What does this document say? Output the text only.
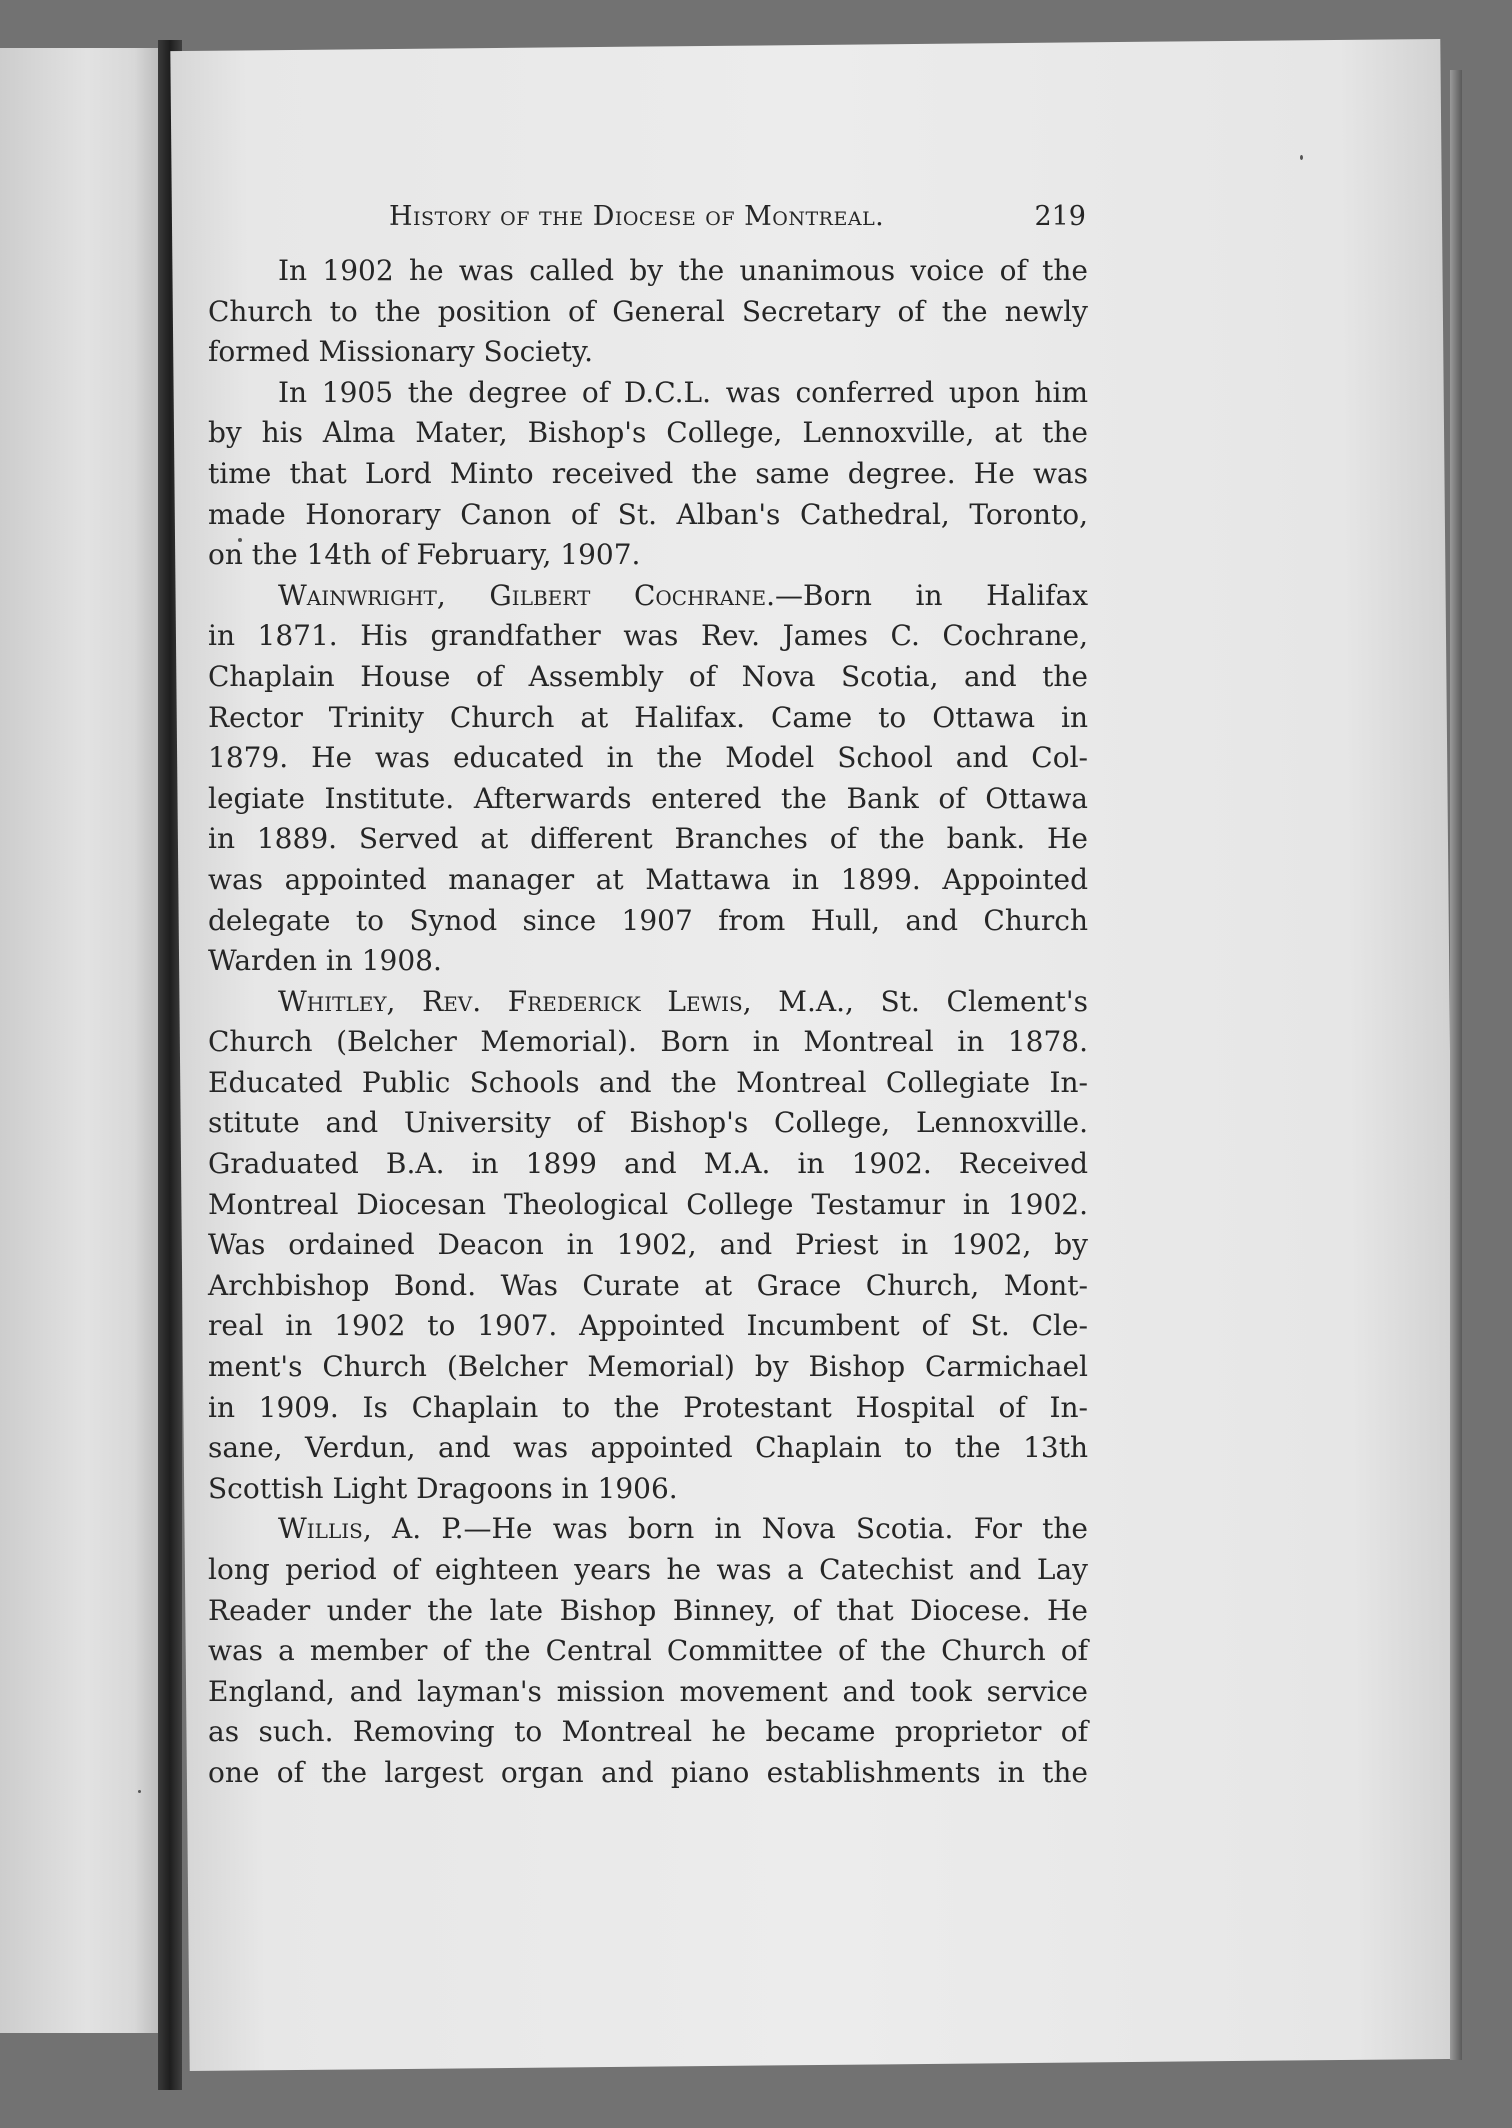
History of the Diocese of Montreal.	219

In 1902 he was called by the unanimous voice of the
Church to the position of General Secretary of the newly
formed Missionary Society.

In 1905 the degree of D.C.L. was conferred upon him
by his Alma Mater, Bishop's College, Lennoxville, at the
time that Lord Minto received the same degree. He was
made Honorary Canon of St. Alban's Cathedral, Toronto,
on the 14th of February, 1907.

Wainwright, Gilbert Cochrane.—Born in Halifax
in 1871. His grandfather was Rev. James C. Cochrane,
Chaplain House of Assembly of Nova Scotia, and the
Rector Trinity Church at Halifax. Came to Ottawa in
1879. He was educated in the Model School and Col-
legiate Institute. Afterwards entered the Bank of Ottawa
in 1889. Served at different Branches of the bank. He
was appointed manager at Mattawa in 1899. Appointed
delegate to Synod since 1907 from Hull, and Church
Warden in 1908.

Whitley, Rev. Frederick Lewis, M.A., St. Clement's
Church (Belcher Memorial). Born in Montreal in 1878.
Educated Public Schools and the Montreal Collegiate In-
stitute and University of Bishop's College, Lennoxville.
Graduated B.A. in 1899 and M.A. in 1902. Received
Montreal Diocesan Theological College Testamur in 1902.
Was ordained Deacon in 1902, and Priest in 1902, by
Archbishop Bond. Was Curate at Grace Church, Mont-
real in 1902 to 1907. Appointed Incumbent of St. Cle-
ment's Church (Belcher Memorial) by Bishop Carmichael
in 1909. Is Chaplain to the Protestant Hospital of In-
sane, Verdun, and was appointed Chaplain to the 13th
Scottish Light Dragoons in 1906.

Willis, A. P.—He was born in Nova Scotia. For the
long period of eighteen years he was a Catechist and Lay
Reader under the late Bishop Binney, of that Diocese. He
was a member of the Central Committee of the Church of
England, and layman's mission movement and took service
as such. Removing to Montreal he became proprietor of
one of the largest organ and piano establishments in the
